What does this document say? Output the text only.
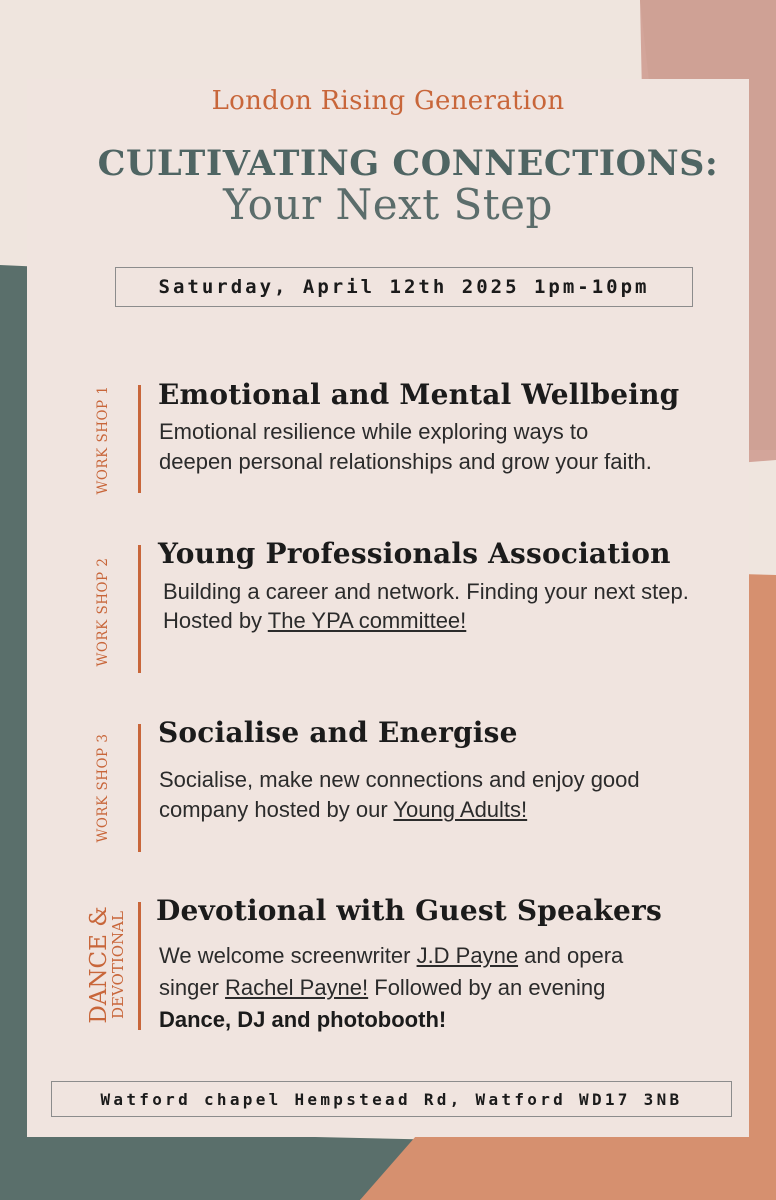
London Rising Generation
CULTIVATING CONNECTIONS:
Your Next Step
Saturday, April 12th 2025 1pm-10pm
WORK SHOP 1 Emotional and Mental Wellbeing
Emotional resilience while exploring ways to deepen personal relationships and grow your faith.
WORK SHOP 2
Young Professionals Association
Building a career and network. Finding your next step. Hosted by The YPA committee!
WORK SHOP 3
Socialise and Energise
Socialise, make new connections and enjoy good company hosted by our Young Adults!
DANCE &
DEVOTIONAL
Devotional with Guest Speakers
We welcome screenwriter J.D Payne and opera singer Rachel Payne! Followed by an evening Dance, DJ and photobooth!
Watford chapel Hempstead Rd, Watford WD17 3NB
